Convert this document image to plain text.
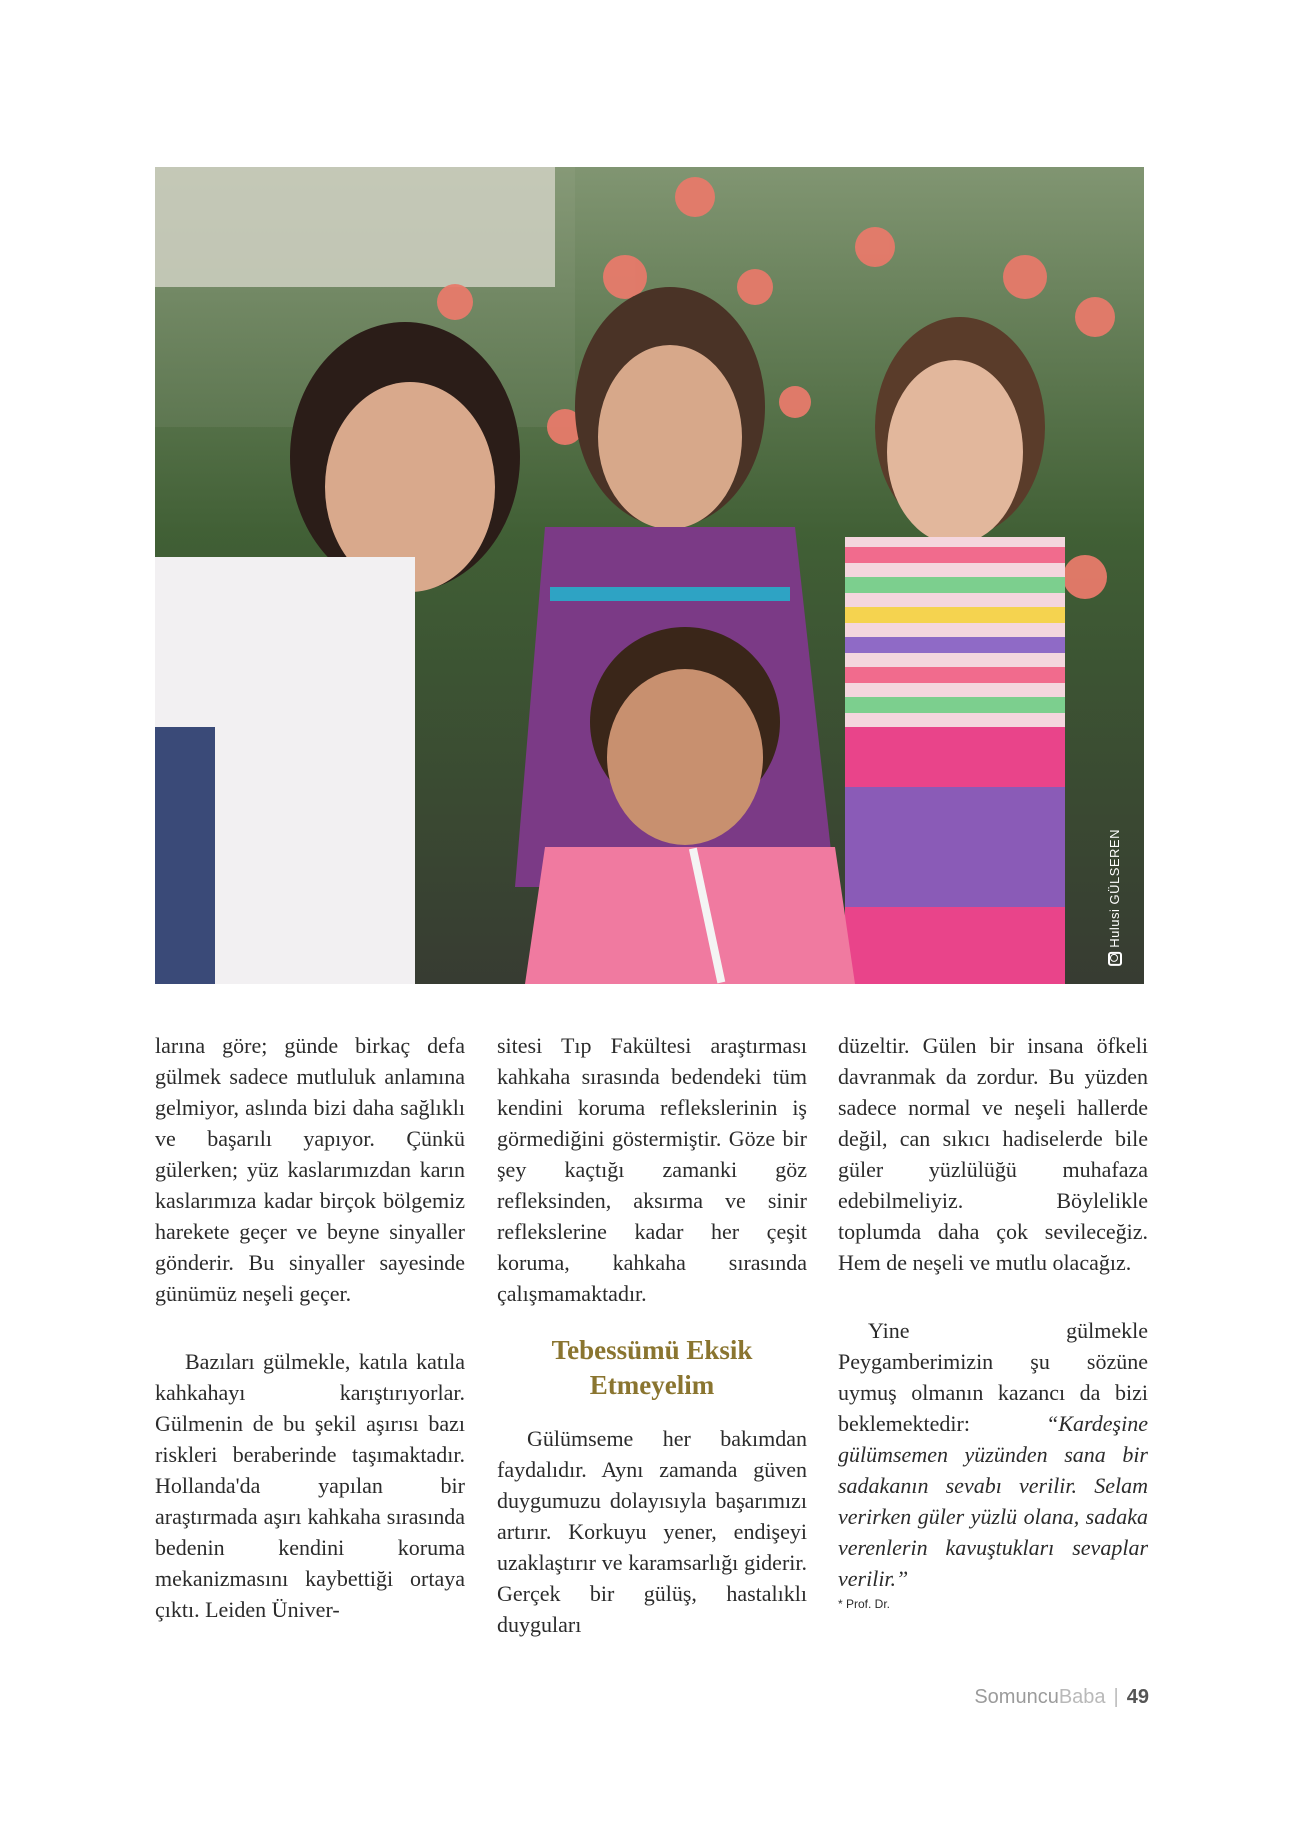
Hulusi GÜLSEREN

larına göre; günde birkaç defa gülmek sadece mutluluk anlamına gelmiyor, aslında bizi daha sağlıklı ve başarılı yapıyor. Çünkü gülerken; yüz kaslarımızdan karın kaslarımıza kadar birçok bölgemiz harekete geçer ve beyne sinyaller gönderir. Bu sinyaller sayesinde günümüz neşeli geçer.

Bazıları gülmekle, katıla katıla kahkahayı karıştırıyorlar. Gülmenin de bu şekil aşırısı bazı riskleri beraberinde taşımaktadır. Hollanda'da yapılan bir araştırmada aşırı kahkaha sırasında bedenin kendini koruma mekanizmasını kaybettiği ortaya çıktı. Leiden Üniver-

sitesi Tıp Fakültesi araştırması kahkaha sırasında bedendeki tüm kendini koruma reflekslerinin iş görmediğini göstermiştir. Göze bir şey kaçtığı zamanki göz refleksinden, aksırma ve sinir reflekslerine kadar her çeşit koruma, kahkaha sırasında çalışmamaktadır.

Tebessümü Eksik
Etmeyelim

Gülümseme her bakımdan faydalıdır. Aynı zamanda güven duygumuzu dolayısıyla başarımızı artırır. Korkuyu yener, endişeyi uzaklaştırır ve karamsarlığı giderir. Gerçek bir gülüş, hastalıklı duyguları

düzeltir. Gülen bir insana öfkeli davranmak da zordur. Bu yüzden sadece normal ve neşeli hallerde değil, can sıkıcı hadiselerde bile güler yüzlülüğü muhafaza edebilmeliyiz. Böylelikle toplumda daha çok sevileceğiz. Hem de neşeli ve mutlu olacağız.

Yine gülmekle Peygamberimizin şu sözüne uymuş olmanın kazancı da bizi beklemektedir: “Kardeşine gülümsemen yüzünden sana bir sadakanın sevabı verilir. Selam verirken güler yüzlü olana, sadaka verenlerin kavuştukları sevaplar verilir.”

* Prof. Dr.

SomuncuBaba | 49
